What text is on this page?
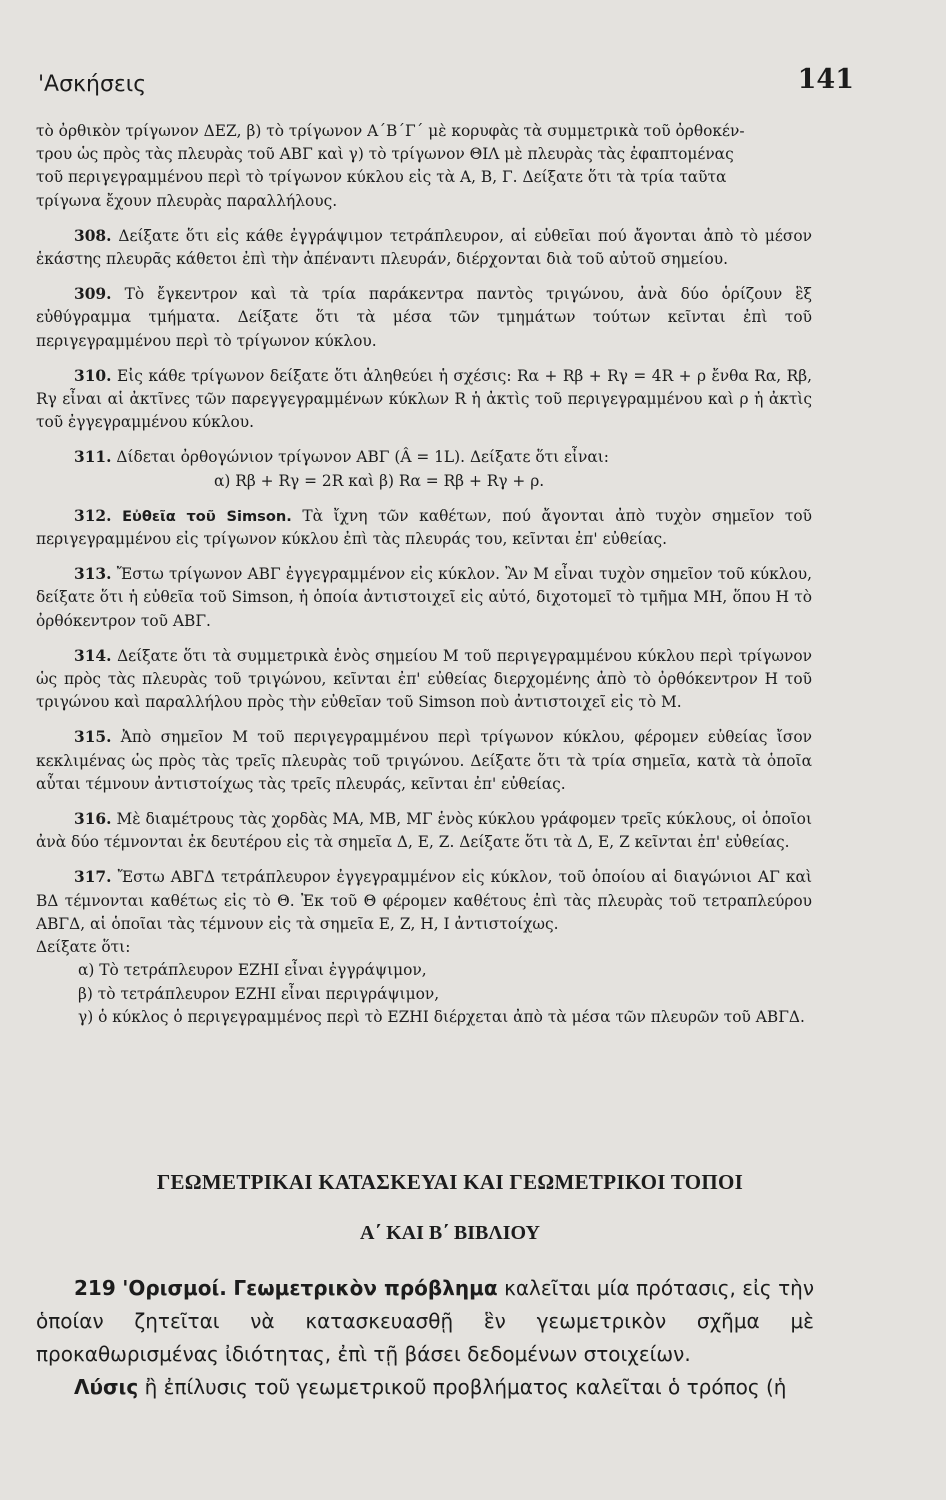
'Ασκήσεις	141

τὸ ὀρθικὸν τρίγωνον ΔΕΖ, β) τὸ τρίγωνον Α΄Β΄Γ΄ μὲ κορυφὰς τὰ συμμετρικὰ τοῦ ὀρθοκέν-

τρου ὡς πρὸς τὰς πλευρὰς τοῦ ΑΒΓ καὶ γ) τὸ τρίγωνον ΘΙΛ μὲ πλευρὰς τὰς ἐφαπτομένας

τοῦ περιγεγραμμένου περὶ τὸ τρίγωνον κύκλου εἰς τὰ Α, Β, Γ. Δείξατε ὅτι τὰ τρία ταῦτα

τρίγωνα ἔχουν πλευρὰς παραλλήλους.

308. Δείξατε ὅτι εἰς κάθε ἐγγράψιμον τετράπλευρον, αἱ εὐθεῖαι πού ἄγονται ἀπὸ τὸ μέσον ἑκάστης πλευρᾶς κάθετοι ἐπὶ τὴν ἀπέναντι πλευράν, διέρχονται διὰ τοῦ αὐτοῦ σημείου.

309. Τὸ ἔγκεντρον καὶ τὰ τρία παράκεντρα παντὸς τριγώνου, ἀνὰ δύο ὁρίζουν ἓξ εὐθύγραμμα τμήματα. Δείξατε ὅτι τὰ μέσα τῶν τμημάτων τούτων κεῖνται ἐπὶ τοῦ περιγεγραμμένου περὶ τὸ τρίγωνον κύκλου.

310. Εἰς κάθε τρίγωνον δείξατε ὅτι ἀληθεύει ἡ σχέσις: Rα + Rβ + Rγ = 4R + ρ ἔνθα Rα, Rβ, Rγ εἶναι αἱ ἀκτῖνες τῶν παρεγγεγραμμένων κύκλων R ἡ ἀκτὶς τοῦ περιγεγραμμένου καὶ ρ ἡ ἀκτὶς τοῦ ἐγγεγραμμένου κύκλου.

311. Δίδεται ὀρθογώνιον τρίγωνον ΑΒΓ (Â = 1L). Δείξατε ὅτι εἶναι:

α) Rβ + Rγ = 2R καὶ β) Rα = Rβ + Rγ + ρ.

312. Εὐθεῖα τοῦ Simson. Τὰ ἴχνη τῶν καθέτων, πού ἄγονται ἀπὸ τυχὸν σημεῖον τοῦ περιγεγραμμένου εἰς τρίγωνον κύκλου ἐπὶ τὰς πλευράς του, κεῖνται ἐπ' εὐθείας.

313. Ἔστω τρίγωνον ΑΒΓ ἐγγεγραμμένον εἰς κύκλον. Ἂν Μ εἶναι τυχὸν σημεῖον τοῦ κύκλου, δείξατε ὅτι ἡ εὐθεῖα τοῦ Simson, ἡ ὁποία ἀντιστοιχεῖ εἰς αὐτό, διχοτομεῖ τὸ τμῆμα ΜΗ, ὅπου Η τὸ ὀρθόκεντρον τοῦ ΑΒΓ.

314. Δείξατε ὅτι τὰ συμμετρικὰ ἑνὸς σημείου Μ τοῦ περιγεγραμμένου κύκλου περὶ τρίγωνον ὡς πρὸς τὰς πλευρὰς τοῦ τριγώνου, κεῖνται ἐπ' εὐθείας διερχομένης ἀπὸ τὸ ὀρθόκεντρον Η τοῦ τριγώνου καὶ παραλλήλου πρὸς τὴν εὐθεῖαν τοῦ Simson ποὺ ἀντιστοιχεῖ εἰς τὸ Μ.

315. Ἀπὸ σημεῖον Μ τοῦ περιγεγραμμένου περὶ τρίγωνον κύκλου, φέρομεν εὐθείας ἴσον κεκλιμένας ὡς πρὸς τὰς τρεῖς πλευρὰς τοῦ τριγώνου. Δείξατε ὅτι τὰ τρία σημεῖα, κατὰ τὰ ὁποῖα αὗται τέμνουν ἀντιστοίχως τὰς τρεῖς πλευράς, κεῖνται ἐπ' εὐθείας.

316. Μὲ διαμέτρους τὰς χορδὰς ΜΑ, ΜΒ, ΜΓ ἑνὸς κύκλου γράφομεν τρεῖς κύκλους, οἱ ὁποῖοι ἀνὰ δύο τέμνονται ἐκ δευτέρου εἰς τὰ σημεῖα Δ, Ε, Ζ. Δείξατε ὅτι τὰ Δ, Ε, Ζ κεῖνται ἐπ' εὐθείας.

317. Ἔστω ΑΒΓΔ τετράπλευρον ἐγγεγραμμένον εἰς κύκλον, τοῦ ὁποίου αἱ διαγώνιοι ΑΓ καὶ ΒΔ τέμνονται καθέτως εἰς τὸ Θ. Ἐκ τοῦ Θ φέρομεν καθέτους ἐπὶ τὰς πλευρὰς τοῦ τετραπλεύρου ΑΒΓΔ, αἱ ὁποῖαι τὰς τέμνουν εἰς τὰ σημεῖα Ε, Ζ, Η, Ι ἀντιστοίχως.

Δείξατε ὅτι:

α) Τὸ τετράπλευρον ΕΖΗΙ εἶναι ἐγγράψιμον,

β) τὸ τετράπλευρον ΕΖΗΙ εἶναι περιγράψιμον,

γ) ὁ κύκλος ὁ περιγεγραμμένος περὶ τὸ ΕΖΗΙ διέρχεται ἀπὸ τὰ μέσα τῶν πλευρῶν τοῦ ΑΒΓΔ.

ΓΕΩΜΕΤΡΙΚΑΙ ΚΑΤΑΣΚΕΥΑΙ ΚΑΙ ΓΕΩΜΕΤΡΙΚΟΙ ΤΟΠΟΙ
Α΄ ΚΑΙ Β΄ ΒΙΒΛΙΟΥ

219 'Ορισμοί. Γεωμετρικὸν πρόβλημα καλεῖται μία πρότασις, εἰς τὴν ὁποίαν ζητεῖται νὰ κατασκευασθῇ ἓν γεωμετρικὸν σχῆμα μὲ προκαθωρισμένας ἰδιότητας, ἐπὶ τῇ βάσει δεδομένων στοιχείων.

Λύσις ἢ ἐπίλυσις τοῦ γεωμετρικοῦ προβλήματος καλεῖται ὁ τρόπος (ἡ
